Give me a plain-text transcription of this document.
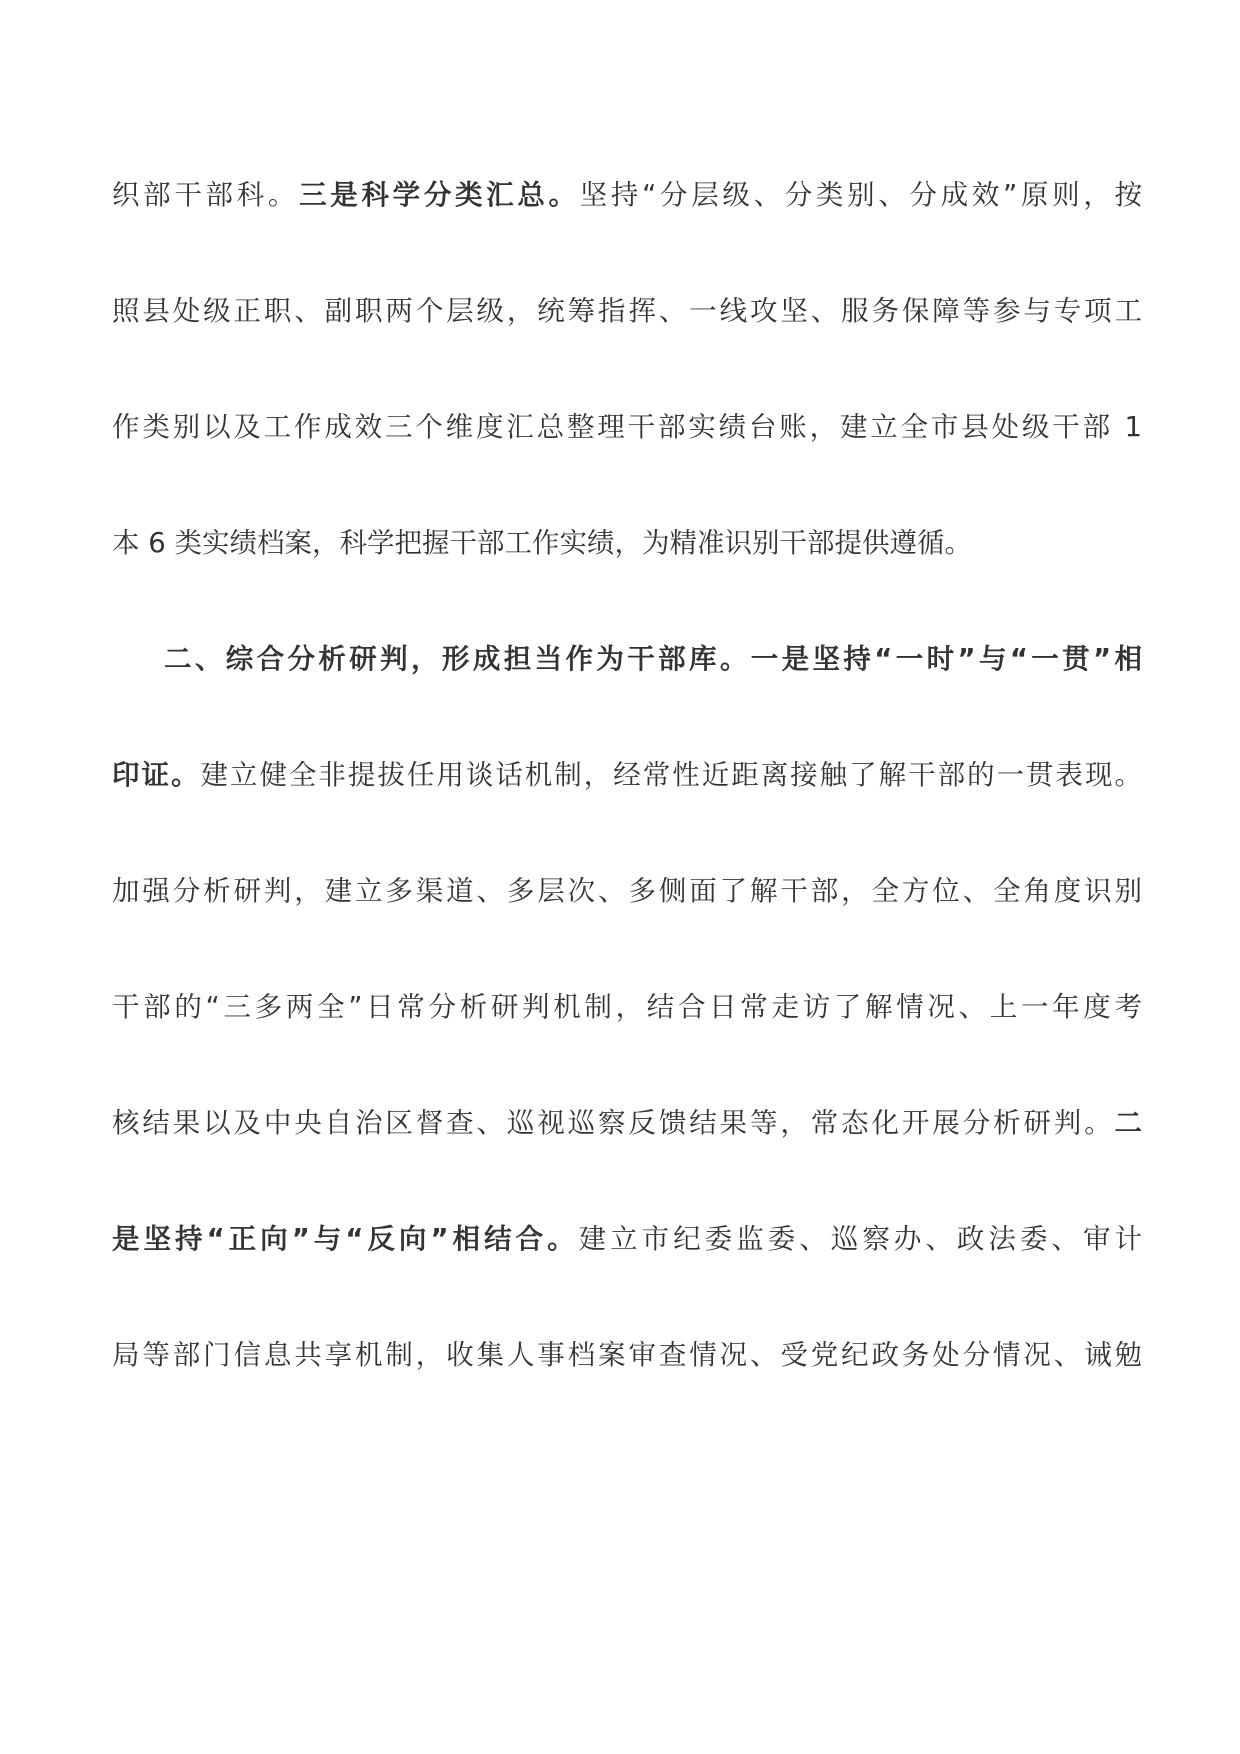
织部干部科。三是科学分类汇总。坚持“分层级、分类别、分成效”原则，按
照县处级正职、副职两个层级，统筹指挥、一线攻坚、服务保障等参与专项工
作类别以及工作成效三个维度汇总整理干部实绩台账，建立全市县处级干部 1
本 6 类实绩档案，科学把握干部工作实绩，为精准识别干部提供遵循。
二、综合分析研判，形成担当作为干部库。一是坚持“一时”与“一贯”相
印证。建立健全非提拔任用谈话机制，经常性近距离接触了解干部的一贯表现。
加强分析研判，建立多渠道、多层次、多侧面了解干部，全方位、全角度识别
干部的“三多两全”日常分析研判机制，结合日常走访了解情况、上一年度考
核结果以及中央自治区督查、巡视巡察反馈结果等，常态化开展分析研判。二
是坚持“正向”与“反向”相结合。建立市纪委监委、巡察办、政法委、审计
局等部门信息共享机制，收集人事档案审查情况、受党纪政务处分情况、诫勉
